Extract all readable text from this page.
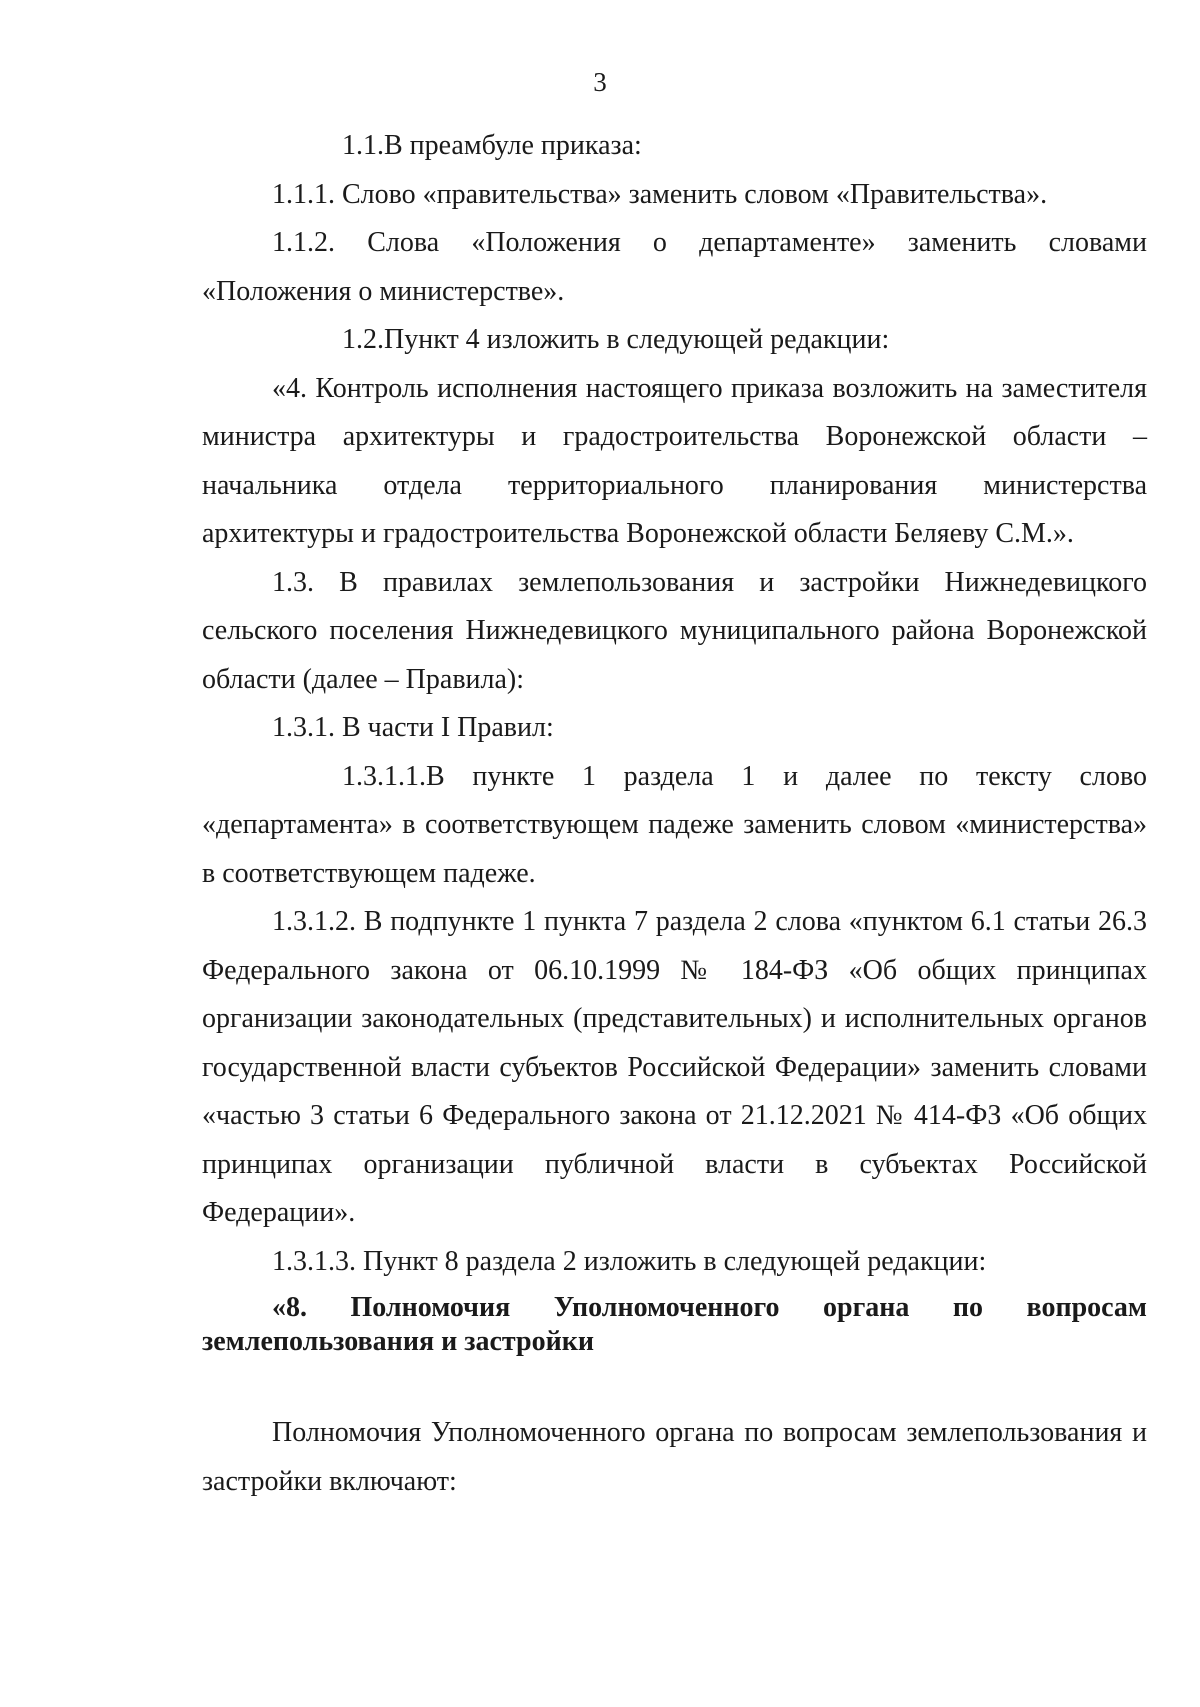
3

1.1.В преамбуле приказа:

1.1.1. Слово «правительства» заменить словом «Правительства».

1.1.2. Слова «Положения о департаменте» заменить словами «Положения о министерстве».

1.2.Пункт 4 изложить в следующей редакции:

«4. Контроль исполнения настоящего приказа возложить на заместителя министра архитектуры и градостроительства Воронежской области – начальника отдела территориального планирования министерства архитектуры и градостроительства Воронежской области Беляеву С.М.».

1.3. В правилах землепользования и застройки Нижнедевицкого сельского поселения Нижнедевицкого муниципального района Воронежской области (далее – Правила):

1.3.1. В части I Правил:

1.3.1.1.В пункте 1 раздела 1 и далее по тексту слово «департамента» в соответствующем падеже заменить словом «министерства» в соответствующем падеже.

1.3.1.2. В подпункте 1 пункта 7 раздела 2 слова «пунктом 6.1 статьи 26.3 Федерального закона от 06.10.1999 № 184-ФЗ «Об общих принципах организации законодательных (представительных) и исполнительных органов государственной власти субъектов Российской Федерации» заменить словами «частью 3 статьи 6 Федерального закона от 21.12.2021 № 414-ФЗ «Об общих принципах организации публичной власти в субъектах Российской Федерации».

1.3.1.3. Пункт 8 раздела 2 изложить в следующей редакции:

«8. Полномочия Уполномоченного органа по вопросам землепользования и застройки

Полномочия Уполномоченного органа по вопросам землепользования и застройки включают:
